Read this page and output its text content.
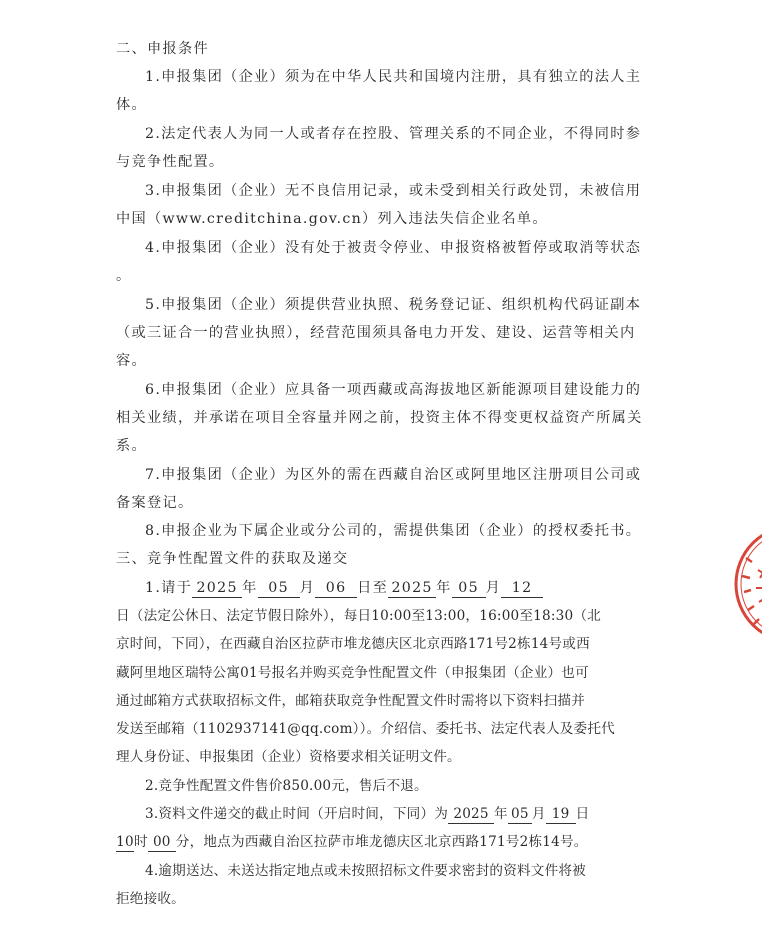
二、申报条件
1.申报集团（企业）须为在中华人民共和国境内注册，具有独立的法人主
体。
2.法定代表人为同一人或者存在控股、管理关系的不同企业，不得同时参
与竞争性配置。
3.申报集团（企业）无不良信用记录，或未受到相关行政处罚，未被信用
中国（www.creditchina.gov.cn）列入违法失信企业名单。
4.申报集团（企业）没有处于被责令停业、申报资格被暂停或取消等状态
。
5.申报集团（企业）须提供营业执照、税务登记证、组织机构代码证副本
（或三证合一的营业执照），经营范围须具备电力开发、建设、运营等相关内
容。
6.申报集团（企业）应具备一项西藏或高海拔地区新能源项目建设能力的
相关业绩，并承诺在项目全容量并网之前，投资主体不得变更权益资产所属关
系。
7.申报集团（企业）为区外的需在西藏自治区或阿里地区注册项目公司或
备案登记。
8.申报企业为下属企业或分公司的，需提供集团（企业）的授权委托书。
三、竞争性配置文件的获取及递交
1.请于 2025 年 05 月 06 日至 2025 年 05 月 12
日（法定公休日、法定节假日除外），每日10:00至13:00，16:00至18:30（北
京时间，下同），在西藏自治区拉萨市堆龙德庆区北京西路171号2栋14号或西
藏阿里地区瑞特公寓01号报名并购买竞争性配置文件（申报集团（企业）也可
通过邮箱方式获取招标文件，邮箱获取竞争性配置文件时需将以下资料扫描并
发送至邮箱（1102937141@qq.com））。介绍信、委托书、法定代表人及委托代
理人身份证、申报集团（企业）资格要求相关证明文件。
2.竞争性配置文件售价850.00元，售后不退。
3.资料文件递交的截止时间（开启时间，下同）为 2025 年 05 月 19 日
10时 00 分，地点为西藏自治区拉萨市堆龙德庆区北京西路171号2栋14号。
4.逾期送达、未送达指定地点或未按照招标文件要求密封的资料文件将被
拒绝接收。
